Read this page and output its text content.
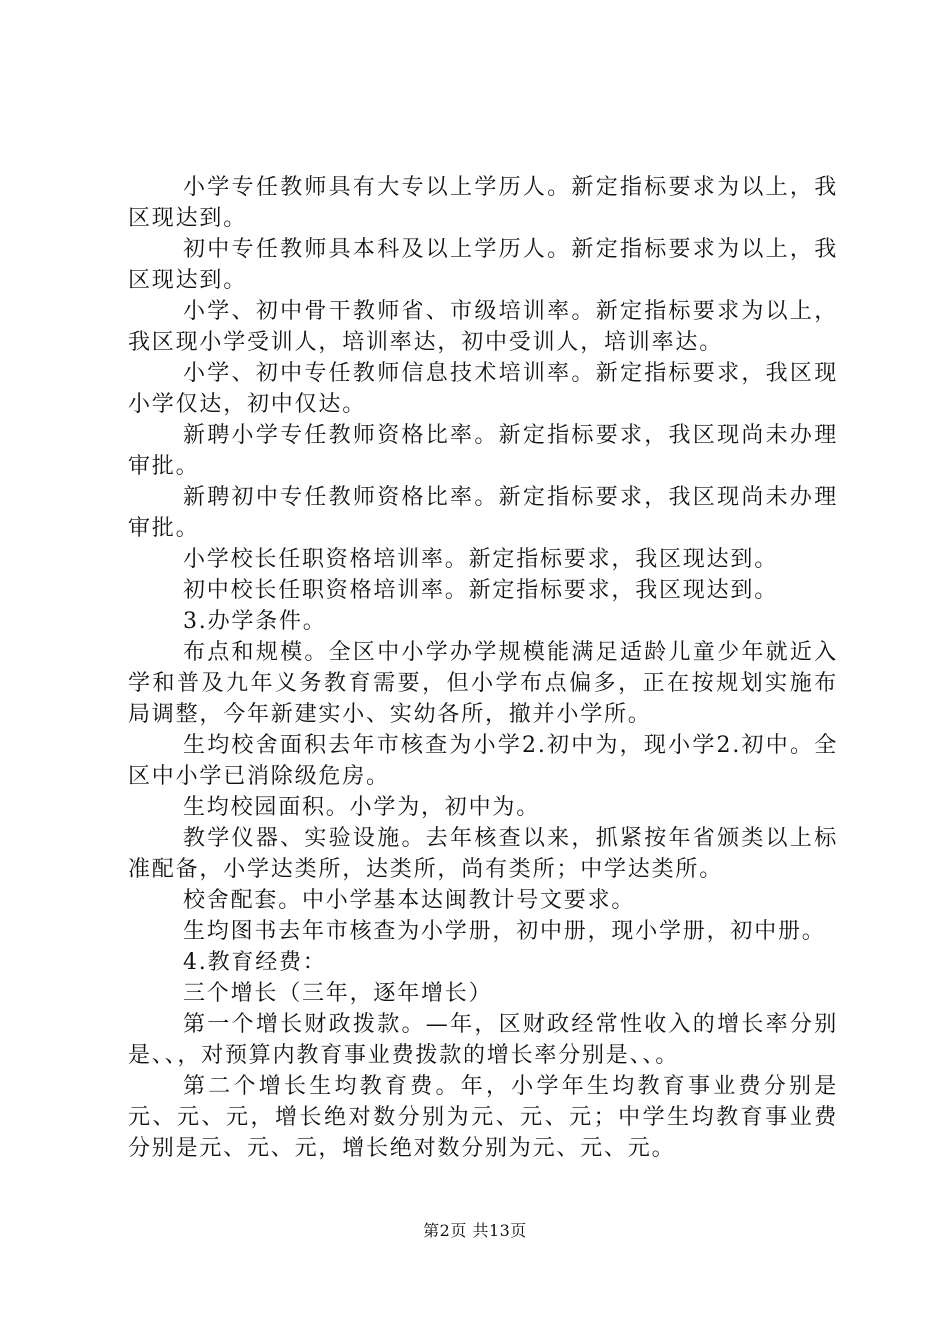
小学专任教师具有大专以上学历人。新定指标要求为以上，我区现达到。

初中专任教师具本科及以上学历人。新定指标要求为以上，我区现达到。

小学、初中骨干教师省、市级培训率。新定指标要求为以上，我区现小学受训人，培训率达，初中受训人，培训率达。

小学、初中专任教师信息技术培训率。新定指标要求，我区现小学仅达，初中仅达。

新聘小学专任教师资格比率。新定指标要求，我区现尚未办理审批。

新聘初中专任教师资格比率。新定指标要求，我区现尚未办理审批。

小学校长任职资格培训率。新定指标要求，我区现达到。

初中校长任职资格培训率。新定指标要求，我区现达到。

3.办学条件。

布点和规模。全区中小学办学规模能满足适龄儿童少年就近入学和普及九年义务教育需要，但小学布点偏多，正在按规划实施布局调整，今年新建实小、实幼各所，撤并小学所。

生均校舍面积去年市核查为小学2.初中为，现小学2.初中。全区中小学已消除级危房。

生均校园面积。小学为，初中为。

教学仪器、实验设施。去年核查以来，抓紧按年省颁类以上标准配备，小学达类所，达类所，尚有类所；中学达类所。

校舍配套。中小学基本达闽教计号文要求。

生均图书去年市核查为小学册，初中册，现小学册，初中册。

4.教育经费：

三个增长（三年，逐年增长）

第一个增长财政拨款。—年，区财政经常性收入的增长率分别是、、，对预算内教育事业费拨款的增长率分别是、、。

第二个增长生均教育费。年，小学年生均教育事业费分别是元、元、元，增长绝对数分别为元、元、元；中学生均教育事业费分别是元、元、元，增长绝对数分别为元、元、元。

第2页 共13页
